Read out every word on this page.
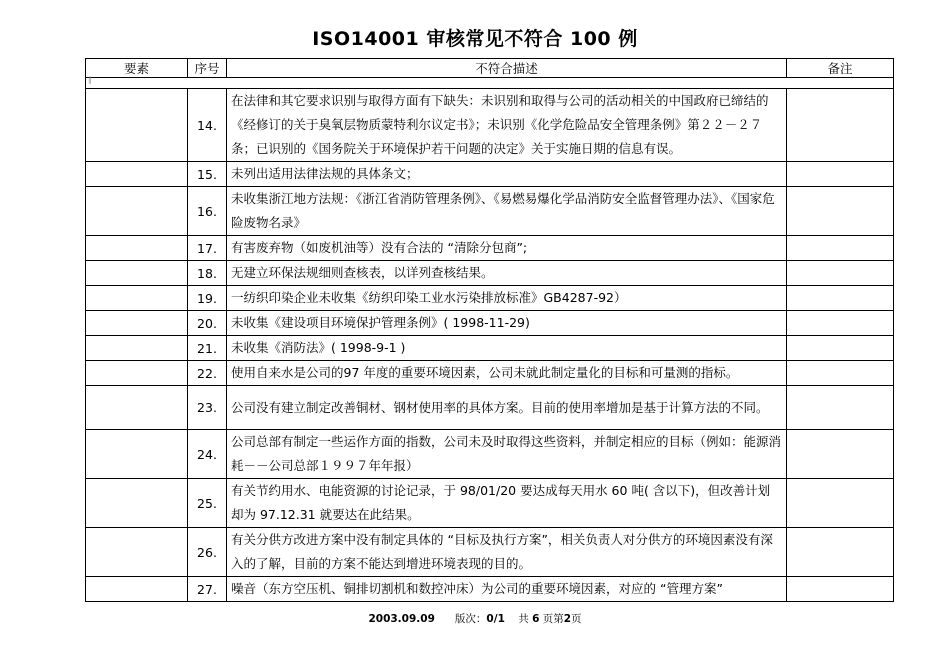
ISO14001 审核常见不符合 100 例
要素	序号	不符合描述	备注

‖			

	14.	在法律和其它要求识别与取得方面有下缺失：未识别和取得与公司的活动相关的中国政府已缔结的《经修订的关于臭氧层物质蒙特利尔议定书》；未识别《化学危险品安全管理条例》第２２－２７条；已识别的《国务院关于环境保护若干问题的决定》关于实施日期的信息有误。	
	15.	未列出适用法律法规的具体条文；	
	16.	未收集浙江地方法规：《浙江省消防管理条例》、《易燃易爆化学品消防安全监督管理办法》、《国家危险废物名录》	
	17.	有害废弃物（如废机油等）没有合法的 “清除分包商”;	
	18.	无建立环保法规细则查核表，以详列查核结果。	
	19.	一纺织印染企业未收集《纺织印染工业水污染排放标准》GB4287-92）	
	20.	未收集《建设项目环境保护管理条例》( 1998-11-29)	
	21.	未收集《消防法》( 1998-9-1 )	
	22.	使用自来水是公司的97 年度的重要环境因素，公司未就此制定量化的目标和可量测的指标。	
	23.	公司没有建立制定改善铜材、钢材使用率的具体方案。目前的使用率增加是基于计算方法的不同。	
	24.	公司总部有制定一些运作方面的指数，公司未及时取得这些资料，并制定相应的目标（例如：能源消耗－－公司总部１９９７年年报）	
	25.	有关节约用水、电能资源的讨论记录，于 98/01/20 要达成每天用水 60 吨( 含以下)，但改善计划却为 97.12.31 就要达在此结果。	
	26.	有关分供方改进方案中没有制定具体的 “目标及执行方案”，相关负责人对分供方的环境因素没有深入的了解，目前的方案不能达到增进环境表现的目的。	
	27.	噪音（东方空压机、铜排切割机和数控冲床）为公司的重要环境因素，对应的 “管理方案”	
2003.09.09 版次：0/1 共 6 页第2页
